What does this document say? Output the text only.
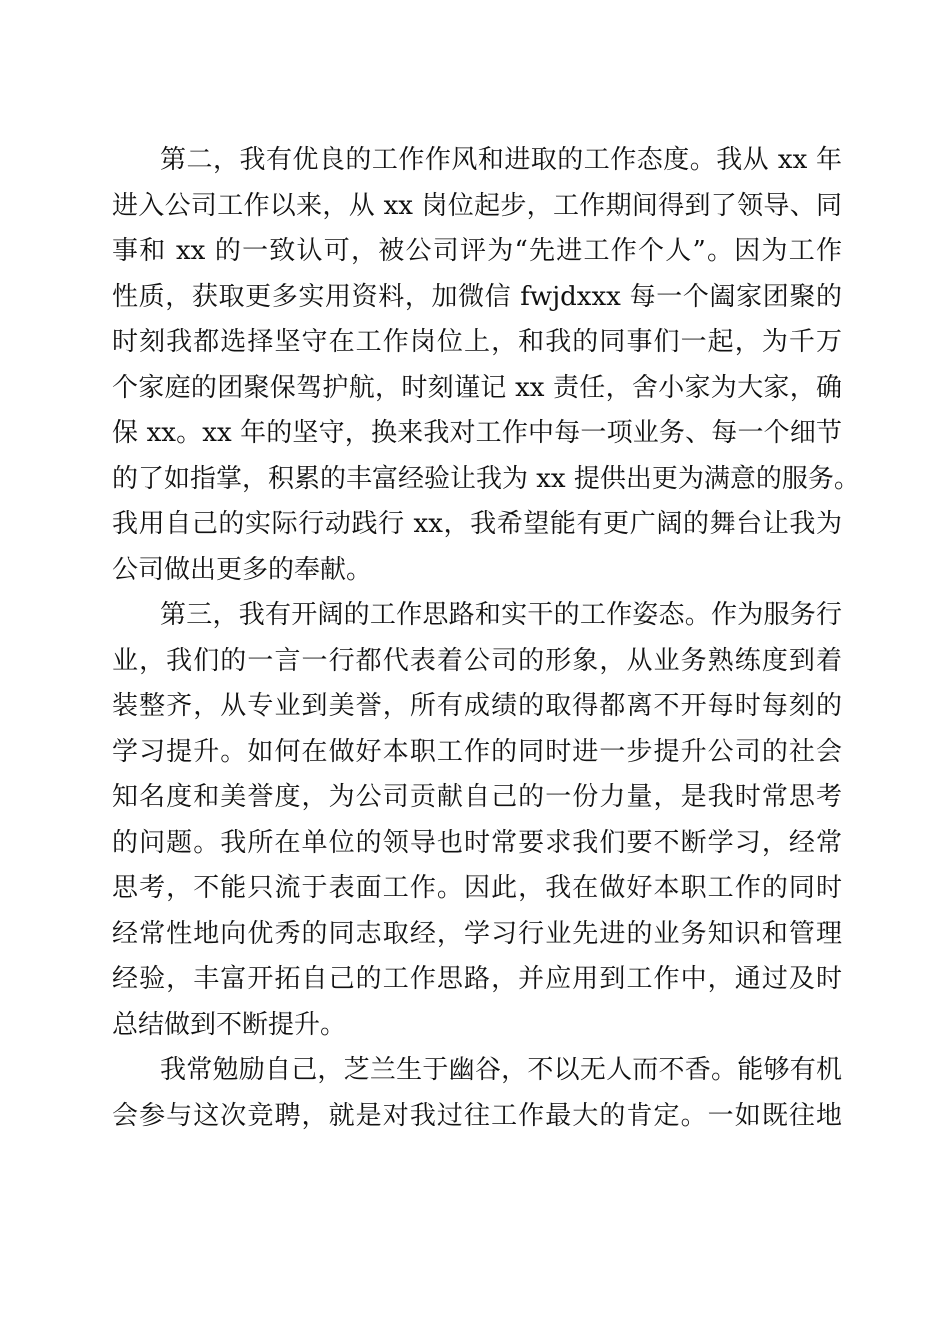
第二，我有优良的工作作风和进取的工作态度。我从 xx 年
进入公司工作以来，从 xx 岗位起步，工作期间得到了领导、同
事和 xx 的一致认可，被公司评为“先进工作个人”。因为工作
性质，获取更多实用资料，加微信 fwjdxxx 每一个阖家团聚的
时刻我都选择坚守在工作岗位上，和我的同事们一起，为千万
个家庭的团聚保驾护航，时刻谨记 xx 责任，舍小家为大家，确
保 xx。xx 年的坚守，换来我对工作中每一项业务、每一个细节
的了如指掌，积累的丰富经验让我为 xx 提供出更为满意的服务。
我用自己的实际行动践行 xx，我希望能有更广阔的舞台让我为
公司做出更多的奉献。
第三，我有开阔的工作思路和实干的工作姿态。作为服务行
业，我们的一言一行都代表着公司的形象，从业务熟练度到着
装整齐，从专业到美誉，所有成绩的取得都离不开每时每刻的
学习提升。如何在做好本职工作的同时进一步提升公司的社会
知名度和美誉度，为公司贡献自己的一份力量，是我时常思考
的问题。我所在单位的领导也时常要求我们要不断学习，经常
思考，不能只流于表面工作。因此，我在做好本职工作的同时
经常性地向优秀的同志取经，学习行业先进的业务知识和管理
经验，丰富开拓自己的工作思路，并应用到工作中，通过及时
总结做到不断提升。
我常勉励自己，芝兰生于幽谷，不以无人而不香。能够有机
会参与这次竞聘，就是对我过往工作最大的肯定。一如既往地
